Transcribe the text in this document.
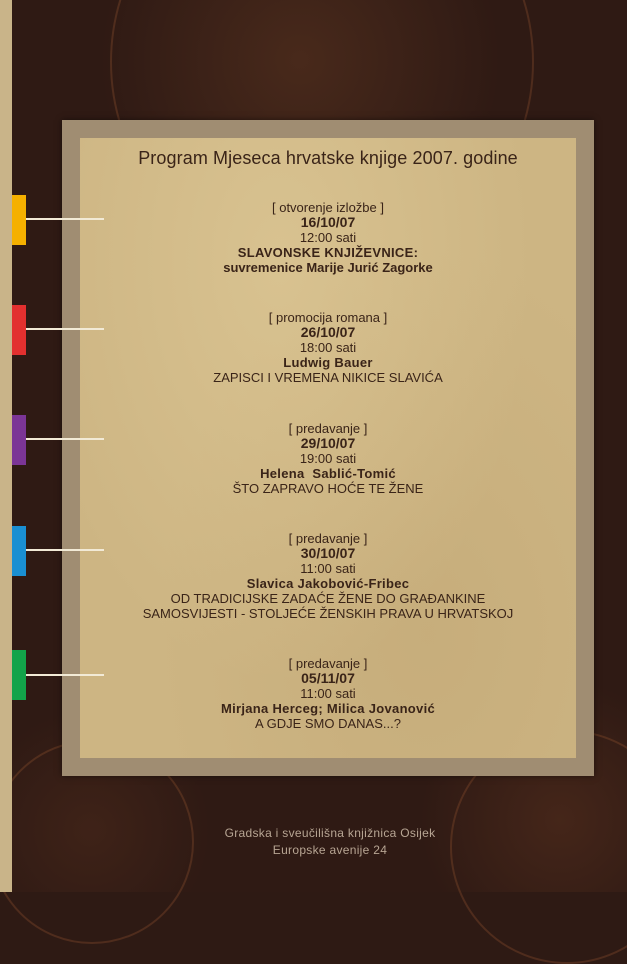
Program Mjeseca hrvatske knjige 2007. godine
[ otvorenje izložbe ]
16/10/07
12:00 sati
SLAVONSKE KNJIŽEVNICE:
suvremenice Marije Jurić Zagorke
[ promocija romana ]
26/10/07
18:00 sati
Ludwig Bauer
ZAPISCI I VREMENA NIKICE SLAVIĆA
[ predavanje ]
29/10/07
19:00 sati
Helena  Sablić-Tomić
ŠTO ZAPRAVO HOĆE TE ŽENE
[ predavanje ]
30/10/07
11:00 sati
Slavica Jakobović-Fribec
OD TRADICIJSKE ZADAĆE ŽENE DO GRAĐANKINE
SAMOSVIJESTI - STOLJEĆE ŽENSKIH PRAVA U HRVATSKOJ
[ predavanje ]
05/11/07
11:00 sati
Mirjana Herceg; Milica Jovanović
A GDJE SMO DANAS...?
Gradska i sveučilišna knjižnica Osijek
Europske avenije 24
